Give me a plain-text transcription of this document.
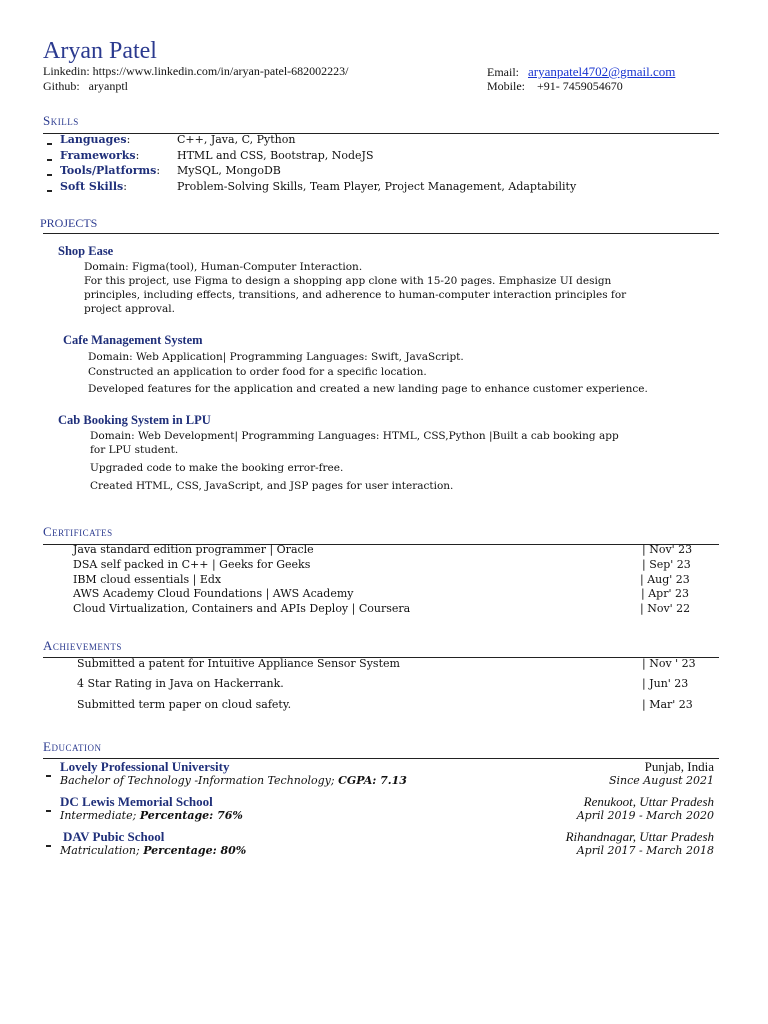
Aryan Patel
Linkedin: https://www.linkedin.com/in/aryan-patel-682002223/
Github: aryanptl
Email: aryanpatel4702@gmail.com
Mobile: +91- 7459054670
Skills
Languages:	C++, Java, C, Python
Frameworks:	HTML and CSS, Bootstrap, NodeJS
Tools/Platforms: MySQL, MongoDB
Soft Skills:	Problem-Solving Skills, Team Player, Project Management, Adaptability
PROJECTS
Shop Ease
Domain: Figma(tool), Human-Computer Interaction.
For this project, use Figma to design a shopping app clone with 15-20 pages. Emphasize UI design
principles, including effects, transitions, and adherence to human-computer interaction principles for
project approval.
Cafe Management System
Domain: Web Application| Programming Languages: Swift, JavaScript.
Constructed an application to order food for a specific location.
Developed features for the application and created a new landing page to enhance customer experience.
Cab Booking System in LPU
Domain: Web Development| Programming Languages: HTML, CSS,Python |Built a cab booking app
for LPU student.
Upgraded code to make the booking error-free.
Created HTML, CSS, JavaScript, and JSP pages for user interaction.
Certificates
Java standard edition programmer | Oracle	| Nov' 23
DSA self packed in C++ | Geeks for Geeks	| Sep' 23
IBM cloud essentials | Edx	| Aug' 23
AWS Academy Cloud Foundations | AWS Academy	| Apr' 23
Cloud Virtualization, Containers and APIs Deploy | Coursera	| Nov' 22
Achievements
Submitted a patent for Intuitive Appliance Sensor System	| Nov ' 23
4 Star Rating in Java on Hackerrank.	| Jun' 23
Submitted term paper on cloud safety.	| Mar' 23
Education
Lovely Professional University	Punjab, India
Bachelor of Technology -Information Technology; CGPA: 7.13	Since August 2021
DC Lewis Memorial School	Renukoot, Uttar Pradesh
Intermediate; Percentage: 76%	April 2019 - March 2020
DAV Pubic School	Rihandnagar, Uttar Pradesh
Matriculation; Percentage: 80%	April 2017 - March 2018
